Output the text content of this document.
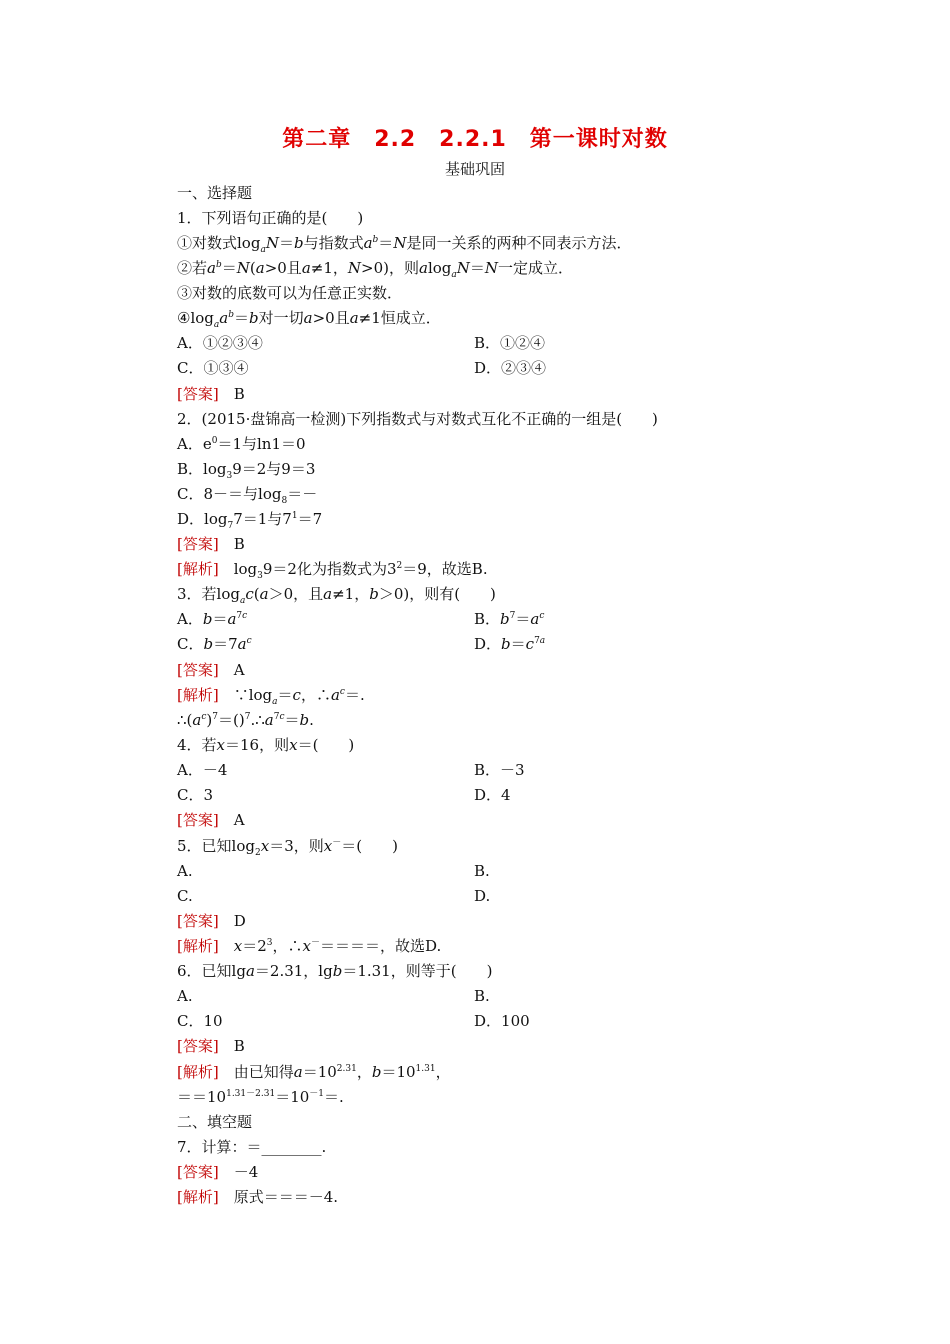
第二章　2.2　2.2.1　第一课时对数
基础巩固
一、选择题
1．下列语句正确的是(　　)
①对数式$\log_aN=b$与指数式$a^b=N$是同一关系的两种不同表示方法．
②若$a^b=N(a>0$且a≠1，N>0)，则alog$_a$N＝N一定成立．
③对数的底数可以为任意正实数．
$④\log_aa^b=b$对一切a>0且a≠1恒成立．
A．①②③④	B．①②④
C．①③④	D．②③④
[答案]　B
2．(2015·盘锦高一检测)下列指数式与对数式互化不正确的一组是(　　)
A．$e^0=1$与ln1＝0
B．$\log_39=2$与9＝3
C．8－＝与$\log_8=-$
D．$\log_77=1$与$7^1=7$
[答案]　B
[解析]　$\log_39=2$化为指数式为$3^2=9$，故选B.
3．若$\log_ac(a>0$，且a≠1，b＞0)，则有(　　)
A．$b=a^{7c}$	B．$b^7=a^c$
C．$b=7a^c$	D．$b=c^{7a}$
[答案]　A
[解析]　$\because\log_a=c$，$\therefore a^c=$.
$\therefore(a^c)^7=()^7.\therefore a^{7c}=b$.
4．若x＝16，则x＝(　　)
A．－4	B．－3
C．3	D．4
[答案]　A
5．已知$\log_2x=3$，则x－＝(　　)
A.	B.
C.	D.
[答案]　D
[解析]　 $x=2^3$，∴x－＝＝＝＝，故选D.
6．已知lga＝2.31，lgb＝1.31，则等于(　　)
A.	B.
C．10	D．100
[答案]　B
[解析]　由已知得$a=10^{2.31}$，$b=10^{1.31}$，
$==10^{1.31-2.31}=10^{-1}=$.
二、填空题
7．计算：＝________.
[答案]　－4
[解析]　原式＝＝＝－4.
